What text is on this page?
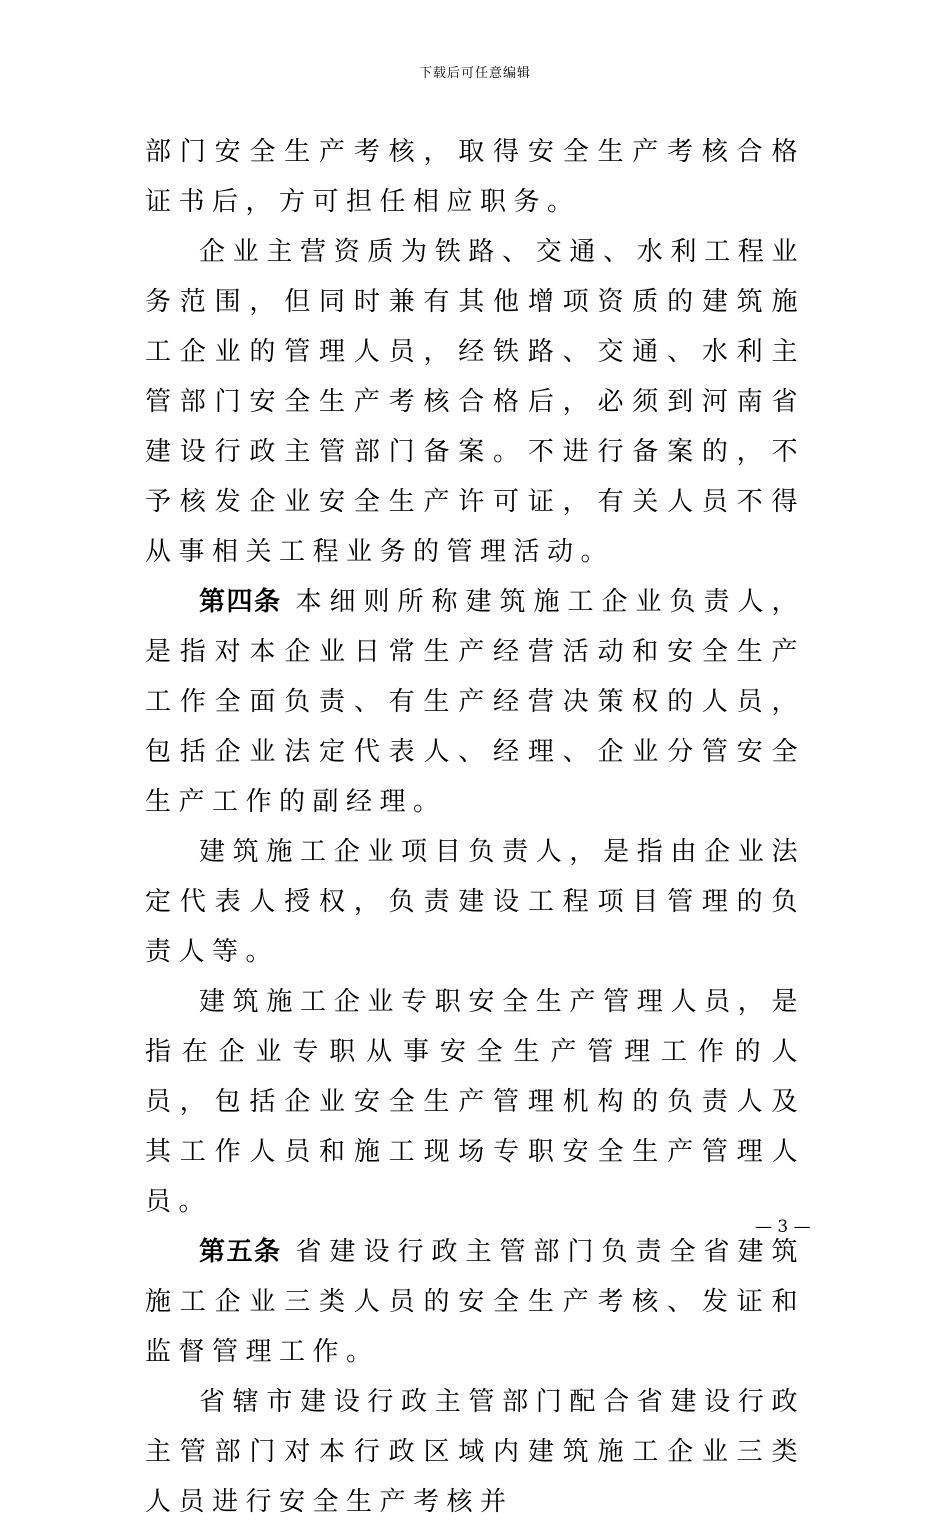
下载后可任意编辑

部门安全生产考核，取得安全生产考核合格证书后，方可担任相应职务。

企业主营资质为铁路、交通、水利工程业务范围，但同时兼有其他增项资质的建筑施工企业的管理人员，经铁路、交通、水利主管部门安全生产考核合格后，必须到河南省建设行政主管部门备案。不进行备案的，不予核发企业安全生产许可证，有关人员不得从事相关工程业务的管理活动。

第四条 本细则所称建筑施工企业负责人，是指对本企业日常生产经营活动和安全生产工作全面负责、有生产经营决策权的人员，包括企业法定代表人、经理、企业分管安全生产工作的副经理。

建筑施工企业项目负责人，是指由企业法定代表人授权，负责建设工程项目管理的负责人等。

建筑施工企业专职安全生产管理人员，是指在企业专职从事安全生产管理工作的人员，包括企业安全生产管理机构的负责人及其工作人员和施工现场专职安全生产管理人员。

第五条 省建设行政主管部门负责全省建筑施工企业三类人员的安全生产考核、发证和监督管理工作。

省辖市建设行政主管部门配合省建设行政主管部门对本行政区域内建筑施工企业三类人员进行安全生产考核并

— 3 —
